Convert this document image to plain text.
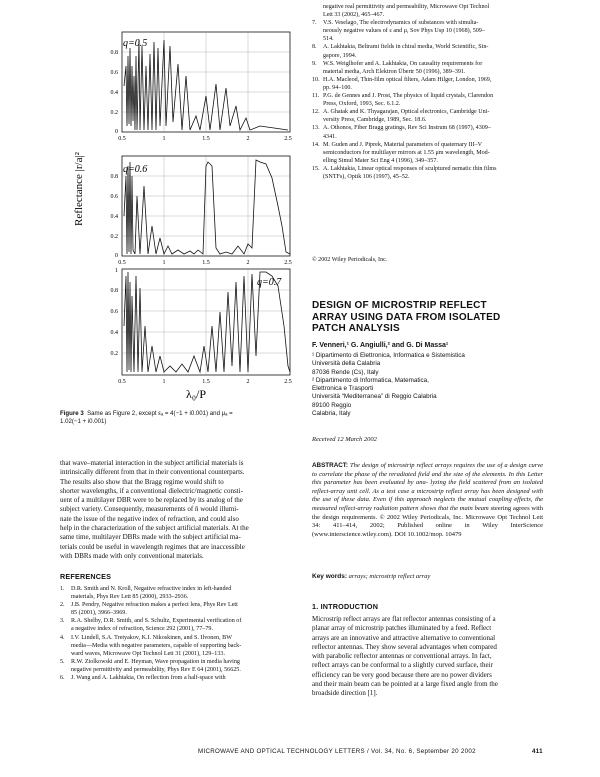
Reflectance |r/a|²
q=0.5
0.8
0.6
0.4
0.2
0
0.5	1	1.5	2	2.5
q=0.6
0.8
0.6
0.4
0.2
0
0.5	1	1.5	2	2.5
q=0.7
1
0.8
0.6
0.4
0.2
0.5	1	1.5	2	2.5
λ₀/P
Figure 3 Same as Figure 2, except εₐ = 4(−1 + i0.001) and μₐ =
1.02(−1 + i0.001)
that wave–material interaction in the subject artificial materials is
intrinsically different from that in their conventional counterparts.
The results also show that the Bragg regime would shift to
shorter wavelengths, if a conventional dielectric/magnetic consti-
uent of a multilayer DBR were to be replaced by its analog of the
subject variety. Consequently, measurements of n̄ would illumi-
nate the issue of the negative index of refraction, and could also
help in the characterization of the subject artificial materials. At the
same time, multilayer DBRs made with the subject artificial ma-
terials could be useful in wavelength regimes that are inaccessible
with DBRs made with only conventional materials.
REFERENCES
1. D.R. Smith and N. Kroll, Negative refractive index in left-handed
materials, Phys Rev Lett 85 (2000), 2933–2936.
2. J.B. Pendry, Negative refraction makes a perfect lens, Phys Rev Lett
85 (2001), 3966–3969.
3. R.A. Shelby, D.R. Smith, and S. Schultz, Experimental verification of
a negative index of refraction, Science 292 (2001), 77–79.
4. I.V. Lindell, S.A. Tretyakov, K.I. Nikoskinen, and S. Ilvonen, BW
media—Media with negative parameters, capable of supporting back-
ward waves, Microwave Opt Technol Lett 31 (2001), 129–133.
5. R.W. Ziolkowski and E. Heyman, Wave propagation in media having
negative permittivity and permeability, Phys Rev E 64 (2001), 56625.
6. J. Wang and A. Lakhtakia, On reflection from a half-space with
negative real permittivity and permeability, Microwave Opt Technol
Lett 33 (2002), 465–467.
7. V.S. Veselago, The electrodynamics of substances with simulta-
neously negative values of ε and μ, Sov Phys Usp 10 (1968), 509–
514.
8. A. Lakhtakia, Beltrami fields in chiral media, World Scientific, Sin-
gapore, 1994.
9. W.S. Weiglhofer and A. Lakhtakia, On causality requirements for
material media, Arch Elektron Übertr 50 (1996), 389–391.
10. H.A. Macleod, Thin-film optical filters, Adam Hilger, London, 1969,
pp. 94–100.
11. P.G. de Gennes and J. Prost, The physics of liquid crystals, Clarendon
Press, Oxford, 1993, Sec. 6.1.2.
12. A. Ghatak and K. Thyagarajan, Optical electronics, Cambridge Uni-
versity Press, Cambridge, 1989, Sec. 18.6.
13. A. Othonos, Fiber Bragg gratings, Rev Sci Instrum 68 (1997), 4309–
4341.
14. M. Guden and J. Piprek, Material parameters of quaternary III–V
semiconductors for multilayer mirrors at 1.55 μm wavelength, Mod-
elling Simul Mater Sci Eng 4 (1996), 349–357.
15. A. Lakhtakia, Linear optical responses of sculptured nematic thin films
(SNTFs), Optik 106 (1997), 45–52.
© 2002 Wiley Periodicals, Inc.
DESIGN OF MICROSTRIP REFLECT
ARRAY USING DATA FROM ISOLATED
PATCH ANALYSIS
F. Venneri,¹ G. Angiulli,² and G. Di Massa¹
¹ Dipartimento di Elettronica, Informatica e Sistemistica
Università della Calabria
87036 Rende (Cs), Italy
² Dipartimento di Informatica, Matematica,
Elettronica e Trasporti
Università “Mediterranea” di Reggio Calabria
89100 Reggio
Calabria, Italy
Received 12 March 2002
ABSTRACT: The design of microstrip reflect arrays requires the use of a design curve to correlate the phase of the reradiated field and the size of the elements. In this Letter this parameter has been evaluated by ana- lyzing the field scattered from an isolated reflect-array unit cell. As a test case a microstrip reflect array has been designed with the use of these data. Even if this approach neglects the mutual coupling effects, the measured reflect-array radiation pattern shows that the main beam steering agrees with the design requirements. © 2002 Wiley Periodicals, Inc. Microwave Opt Technol Lett 34: 411–414, 2002; Published online in Wiley InterScience (www.interscience.wiley.com). DOI 10.1002/mop. 10479
Key words: arrays; microstrip reflect array
1. INTRODUCTION
Microstrip reflect arrays are flat reflector antennas consisting of a
planar array of microstrip patches illuminated by a feed. Reflect
arrays are an innovative and attractive alternative to conventional
reflector antennas. They show several advantages when compared
with parabolic reflector antennas or conventional arrays. In fact,
reflect arrays can be conformal to a slightly curved surface, their
efficiency can be very good because there are no power dividers
and their main beam can be pointed at a large fixed angle from the
broadside direction [1].
MICROWAVE AND OPTICAL TECHNOLOGY LETTERS / Vol. 34, No. 6, September 20 2002	411
